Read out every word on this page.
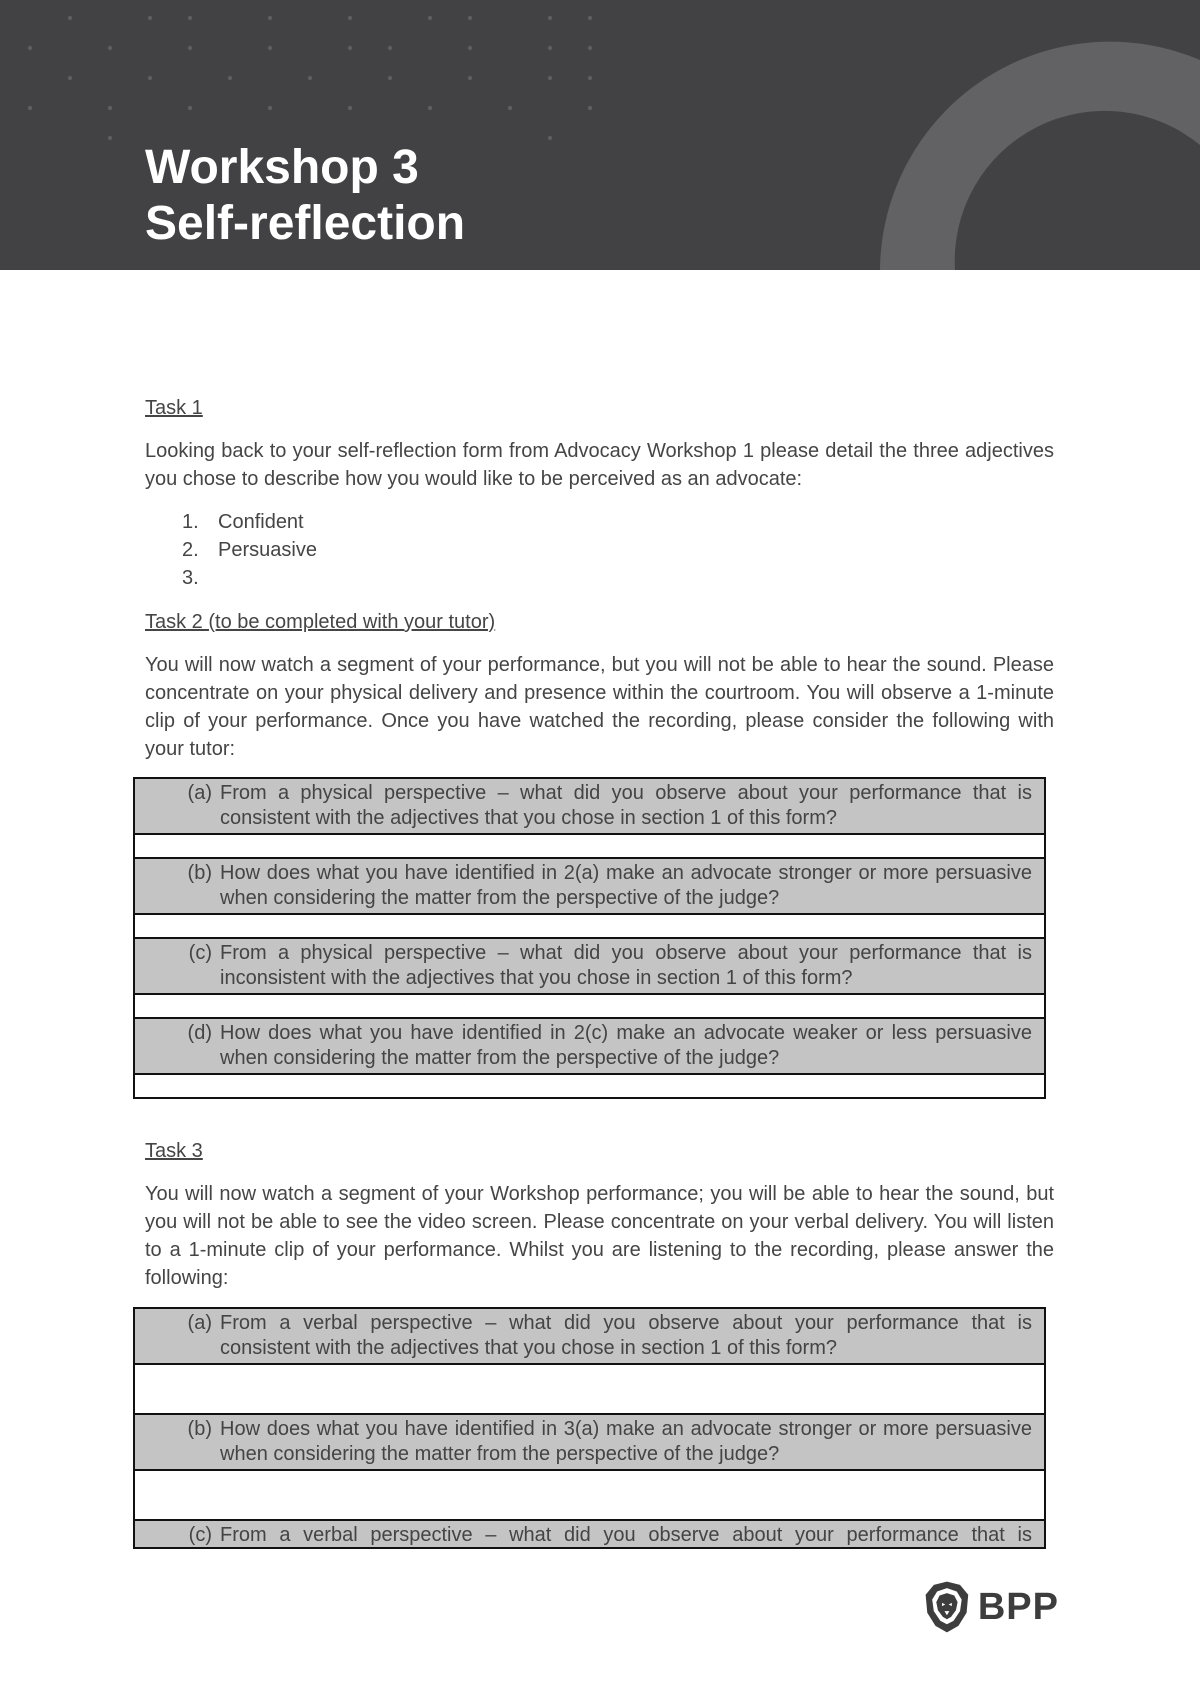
Workshop 3
Self-reflection
Task 1

Looking back to your self-reflection form from Advocacy Workshop 1 please detail the three adjectives you chose to describe how you would like to be perceived as an advocate:

1. Confident
2. Persuasive
3.
Task 2 (to be completed with your tutor)

You will now watch a segment of your performance, but you will not be able to hear the sound. Please concentrate on your physical delivery and presence within the courtroom. You will observe a 1-minute clip of your performance. Once you have watched the recording, please consider the following with your tutor:

(a) From a physical perspective – what did you observe about your performance that is consistent with the adjectives that you chose in section 1 of this form?

(b) How does what you have identified in 2(a) make an advocate stronger or more persuasive when considering the matter from the perspective of the judge?

(c) From a physical perspective – what did you observe about your performance that is inconsistent with the adjectives that you chose in section 1 of this form?

(d) How does what you have identified in 2(c) make an advocate weaker or less persuasive when considering the matter from the perspective of the judge?

Task 3

You will now watch a segment of your Workshop performance; you will be able to hear the sound, but you will not be able to see the video screen. Please concentrate on your verbal delivery. You will listen to a 1-minute clip of your performance. Whilst you are listening to the recording, please answer the following:

(a) From a verbal perspective – what did you observe about your performance that is consistent with the adjectives that you chose in section 1 of this form?

(b) How does what you have identified in 3(a) make an advocate stronger or more persuasive when considering the matter from the perspective of the judge?

(c) From a verbal perspective – what did you observe about your performance that is
BPP
